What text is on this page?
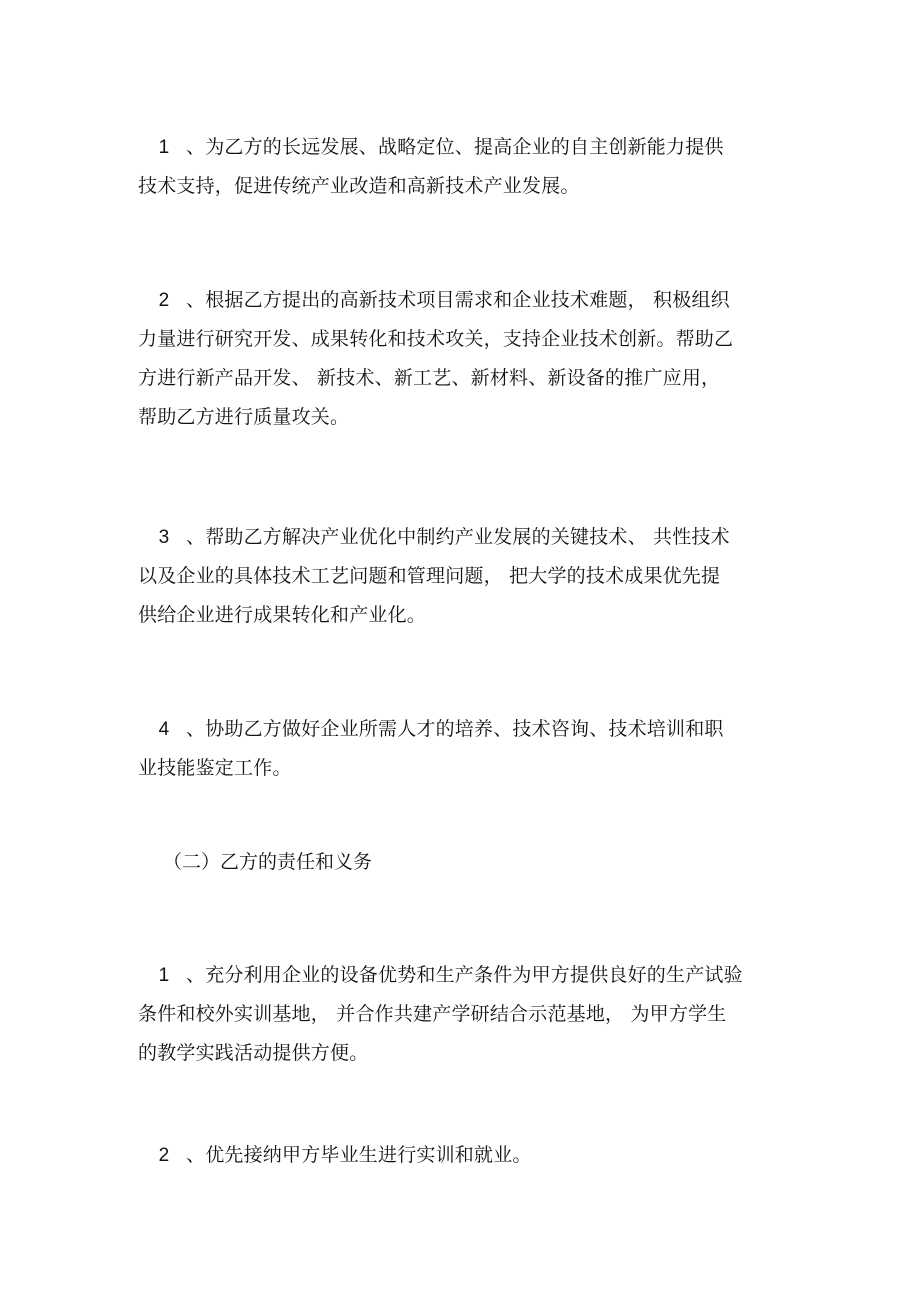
1 、为乙方的长远发展、战略定位、提高企业的自主创新能力提供
技术支持，促进传统产业改造和高新技术产业发展。
2 、根据乙方提出的高新技术项目需求和企业技术难题， 积极组织
力量进行研究开发、成果转化和技术攻关，支持企业技术创新。帮助乙
方进行新产品开发、 新技术、新工艺、新材料、新设备的推广应用，
帮助乙方进行质量攻关。
3 、帮助乙方解决产业优化中制约产业发展的关键技术、 共性技术
以及企业的具体技术工艺问题和管理问题， 把大学的技术成果优先提
供给企业进行成果转化和产业化。
4 、协助乙方做好企业所需人才的培养、技术咨询、技术培训和职
业技能鉴定工作。
（二）乙方的责任和义务
1 、充分利用企业的设备优势和生产条件为甲方提供良好的生产试验
条件和校外实训基地， 并合作共建产学研结合示范基地， 为甲方学生
的教学实践活动提供方便。
2 、优先接纳甲方毕业生进行实训和就业。
